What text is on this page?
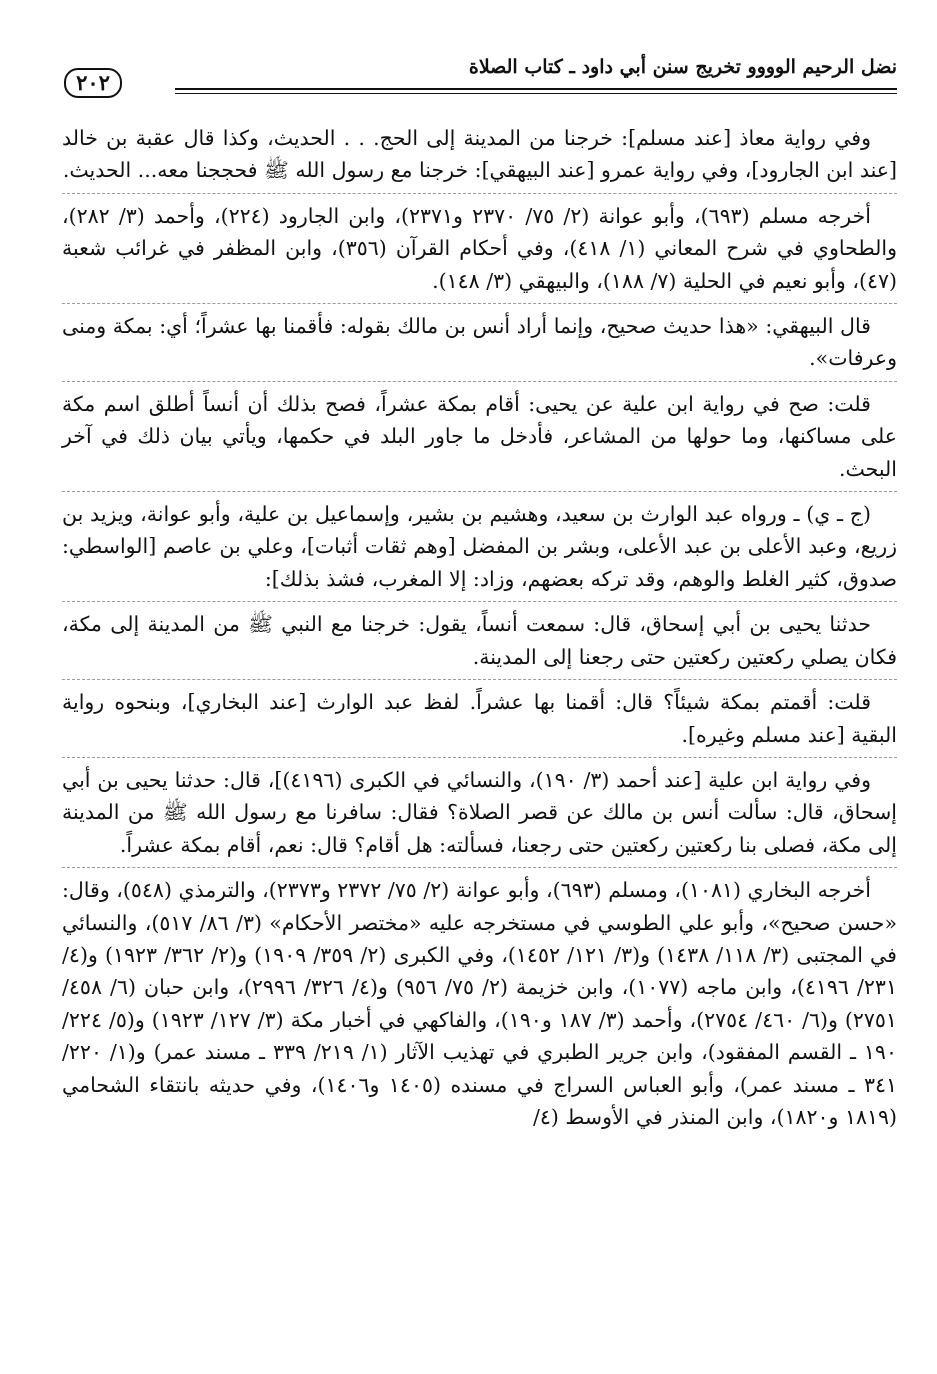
نضل الرحيم الوووو تخريج سنن أبي داود ـ كتاب الصلاة
٢٠٢

وفي رواية معاذ [عند مسلم]: خرجنا من المدينة إلى الحج. . . الحديث، وكذا قال عقبة بن خالد [عند ابن الجارود]، وفي رواية عمرو [عند البيهقي]: خرجنا مع رسول الله ﷺ فحججنا معه... الحديث.

أخرجه مسلم (٦٩٣)، وأبو عوانة (٢/ ٧٥/ ٢٣٧٠ و٢٣٧١)، وابن الجارود (٢٢٤)، وأحمد (٣/ ٢٨٢)، والطحاوي في شرح المعاني (١/ ٤١٨)، وفي أحكام القرآن (٣٥٦)، وابن المظفر في غرائب شعبة (٤٧)، وأبو نعيم في الحلية (٧/ ١٨٨)، والبيهقي (٣/ ١٤٨).

قال البيهقي: «هذا حديث صحيح، وإنما أراد أنس بن مالك بقوله: فأقمنا بها عشراً؛ أي: بمكة ومنى وعرفات».

قلت: صح في رواية ابن علية عن يحيى: أقام بمكة عشراً، فصح بذلك أن أنساً أطلق اسم مكة على مساكنها، وما حولها من المشاعر، فأدخل ما جاور البلد في حكمها، ويأتي بيان ذلك في آخر البحث.

(ج ـ ي) ـ ورواه عبد الوارث بن سعيد، وهشيم بن بشير، وإسماعيل بن علية، وأبو عوانة، ويزيد بن زريع، وعبد الأعلى بن عبد الأعلى، وبشر بن المفضل [وهم ثقات أثبات]، وعلي بن عاصم [الواسطي: صدوق، كثير الغلط والوهم، وقد تركه بعضهم، وزاد: إلا المغرب، فشذ بذلك]:

حدثنا يحيى بن أبي إسحاق، قال: سمعت أنساً، يقول: خرجنا مع النبي ﷺ من المدينة إلى مكة، فكان يصلي ركعتين ركعتين حتى رجعنا إلى المدينة.

قلت: أقمتم بمكة شيئاً؟ قال: أقمنا بها عشراً. لفظ عبد الوارث [عند البخاري]، وبنحوه رواية البقية [عند مسلم وغيره].

وفي رواية ابن علية [عند أحمد (٣/ ١٩٠)، والنسائي في الكبرى (٤١٩٦)]، قال: حدثنا يحيى بن أبي إسحاق، قال: سألت أنس بن مالك عن قصر الصلاة؟ فقال: سافرنا مع رسول الله ﷺ من المدينة إلى مكة، فصلى بنا ركعتين ركعتين حتى رجعنا، فسألته: هل أقام؟ قال: نعم، أقام بمكة عشراً.

أخرجه البخاري (١٠٨١)، ومسلم (٦٩٣)، وأبو عوانة (٢/ ٧٥/ ٢٣٧٢ و٢٣٧٣)، والترمذي (٥٤٨)، وقال: «حسن صحيح»، وأبو علي الطوسي في مستخرجه عليه «مختصر الأحكام» (٣/ ٨٦/ ٥١٧)، والنسائي في المجتبى (٣/ ١١٨/ ١٤٣٨) و(٣/ ١٢١/ ١٤٥٢)، وفي الكبرى (٢/ ٣٥٩/ ١٩٠٩) و(٢/ ٣٦٢/ ١٩٢٣) و(٤/ ٢٣١/ ٤١٩٦)، وابن ماجه (١٠٧٧)، وابن خزيمة (٢/ ٧٥/ ٩٥٦) و(٤/ ٣٢٦/ ٢٩٩٦)، وابن حبان (٦/ ٤٥٨/ ٢٧٥١) و(٦/ ٤٦٠/ ٢٧٥٤)، وأحمد (٣/ ١٨٧ و١٩٠)، والفاكهي في أخبار مكة (٣/ ١٢٧/ ١٩٢٣) و(٥/ ٢٢٤/ ١٩٠ ـ القسم المفقود)، وابن جرير الطبري في تهذيب الآثار (١/ ٢١٩/ ٣٣٩ ـ مسند عمر) و(١/ ٢٢٠/ ٣٤١ ـ مسند عمر)، وأبو العباس السراج في مسنده (١٤٠٥ و١٤٠٦)، وفي حديثه بانتقاء الشحامي (١٨١٩ و١٨٢٠)، وابن المنذر في الأوسط (٤/
